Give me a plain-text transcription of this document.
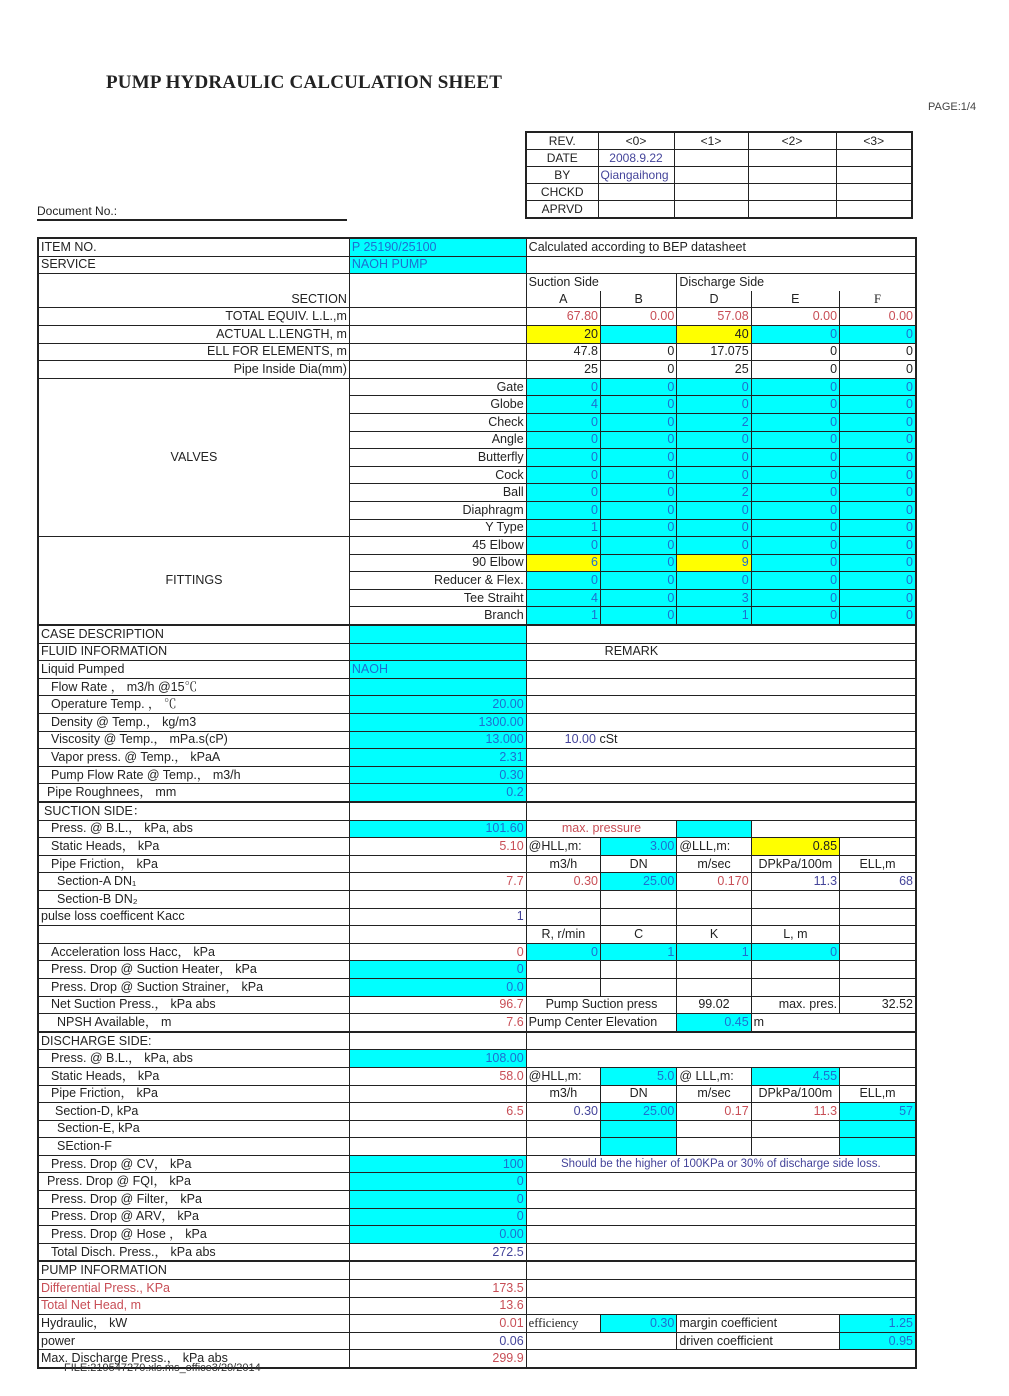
PUMP HYDRAULIC CALCULATION SHEET
PAGE:1/4
Document No.:
REV.	<0>	<1>	<2>	<3>
DATE	2008.9.22			
BY	Qiangaihong			
CHCKD				
APRVD				
ITEM NO.	P 25190/25100	Calculated according to BEP datasheet				
SERVICE	NAOH PUMP					
SECTION		Suction Side		Discharge Side		
		A	B	D	E	F
TOTAL EQUIV. L.L.,m		67.80	0.00	57.08	0.00	0.00
ACTUAL L.LENGTH, m		20		40	0	0
ELL FOR ELEMENTS, m		47.8	0	17.075	0	0
Pipe Inside Dia(mm)		25	0	25	0	0
VALVES	Gate	0	0	0	0	0
	Globe	4	0	0	0	0
	Check	0	0	2	0	0
	Angle	0	0	0	0	0
	Butterfly	0	0	0	0	0
	Cock	0	0	0	0	0
	Ball	0	0	2	0	0
	Diaphragm	0	0	0	0	0
	Y Type	1	0	0	0	0
FITTINGS	45 Elbow	0	0	0	0	0
	90 Elbow	6	0	9	0	0
	Reducer & Flex.	0	0	0	0	0
	Tee Straiht	4	0	3	0	0
	Branch	1	0	1	0	0
CASE DESCRIPTION						
FLUID INFORMATION		REMARK				
Liquid Pumped	NAOH					
Flow Rate ， m3/h @15℃						
Operature Temp. ， ℃	20.00					
Density @ Temp.， kg/m3	1300.00					
Viscosity @ Temp.， mPa.s(cP)	13.000	10.00 cSt				
Vapor press. @ Temp.， kPaA	2.31					
Pump Flow Rate @ Temp.， m3/h	0.30					
Pipe Roughnees， mm	0.2					
SUCTION SIDE：						
Press. @ B.L.， kPa, abs	101.60	max. pressure				
Static Heads， kPa	5.10	@HLL,m:	3.00	@LLL,m:	0.85	
Pipe Friction， kPa		m3/h	DN	m/sec	DPkPa/100m	ELL,m
Section-A DN₁	7.7	0.30	25.00	0.170	11.3	68
Section-B DN₂						
pulse loss coefficent Kacc	1					
		R, r/min	C	K	L, m	
Acceleration loss Hacc， kPa	0	0	1	1	0	
Press. Drop @ Suction Heater， kPa	0					
Press. Drop @ Suction Strainer， kPa	0.0					
Net Suction Press.， kPa abs	96.7	Pump Suction press		99.02	max. pres.	32.52
NPSH Available， m	7.6	Pump Center Elevation		0.45	m	
DISCHARGE SIDE:						
Press. @ B.L.， kPa, abs	108.00					
Static Heads， kPa	58.0	@HLL,m:	5.0	@ LLL,m:	4.55	
Pipe Friction， kPa		m3/h	DN	m/sec	DPkPa/100m	ELL,m
Section-D, kPa	6.5	0.30	25.00	0.17	11.3	57
Section-E, kPa						
SEction-F						
Press. Drop @ CV， kPa	100	Should be the higher of 100KPa or 30% of discharge side loss.				
Press. Drop @ FQI， kPa	0					
Press. Drop @ Filter， kPa	0					
Press. Drop @ ARV， kPa	0					
Press. Drop @ Hose ， kPa	0.00					
Total Disch. Press.， kPa abs	272.5					
PUMP INFORMATION						
Differential Press., KPa	173.5					
Total Net Head, m	13.6					
Hydraulic， kW	0.01	efficiency	0.30	margin coefficient		1.25
power	0.06			driven coefficient		0.95
Max. Discharge Press.， kPa abs	299.9					
FILE:219547270.xls.ms_office3/29/2014
